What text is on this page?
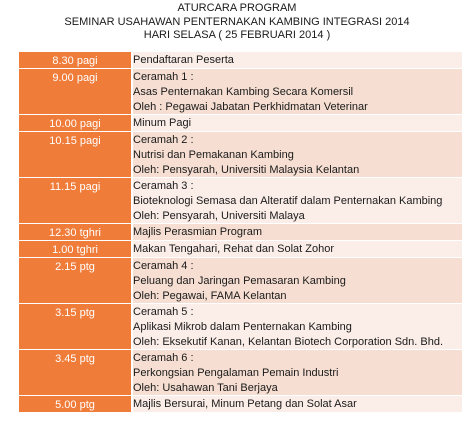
ATURCARA PROGRAM
SEMINAR USAHAWAN PENTERNAKAN KAMBING INTEGRASI 2014
HARI SELASA ( 25 FEBRUARI 2014 )
8.30 pagi	Pendaftaran Peserta

9.00 pagi	Ceramah 1 :
Asas Penternakan Kambing Secara Komersil
Oleh : Pegawai Jabatan Perkhidmatan Veterinar

10.00 pagi	Minum Pagi

10.15 pagi	Ceramah 2 :
Nutrisi dan Pemakanan Kambing
Oleh: Pensyarah, Universiti Malaysia Kelantan

11.15 pagi	Ceramah 3 :
Bioteknologi Semasa dan Alteratif dalam Penternakan Kambing
Oleh: Pensyarah, Universiti Malaya

12.30 tghri	Majlis Perasmian Program

1.00 tghri	Makan Tengahari, Rehat dan Solat Zohor

2.15 ptg	Ceramah 4 :
Peluang dan Jaringan Pemasaran Kambing
Oleh: Pegawai, FAMA Kelantan

3.15 ptg	Ceramah 5 :
Aplikasi Mikrob dalam Penternakan Kambing
Oleh: Eksekutif Kanan, Kelantan Biotech Corporation Sdn. Bhd.

3.45 ptg	Ceramah 6 :
Perkongsian Pengalaman Pemain Industri
Oleh: Usahawan Tani Berjaya

5.00 ptg	Majlis Bersurai, Minum Petang dan Solat Asar
